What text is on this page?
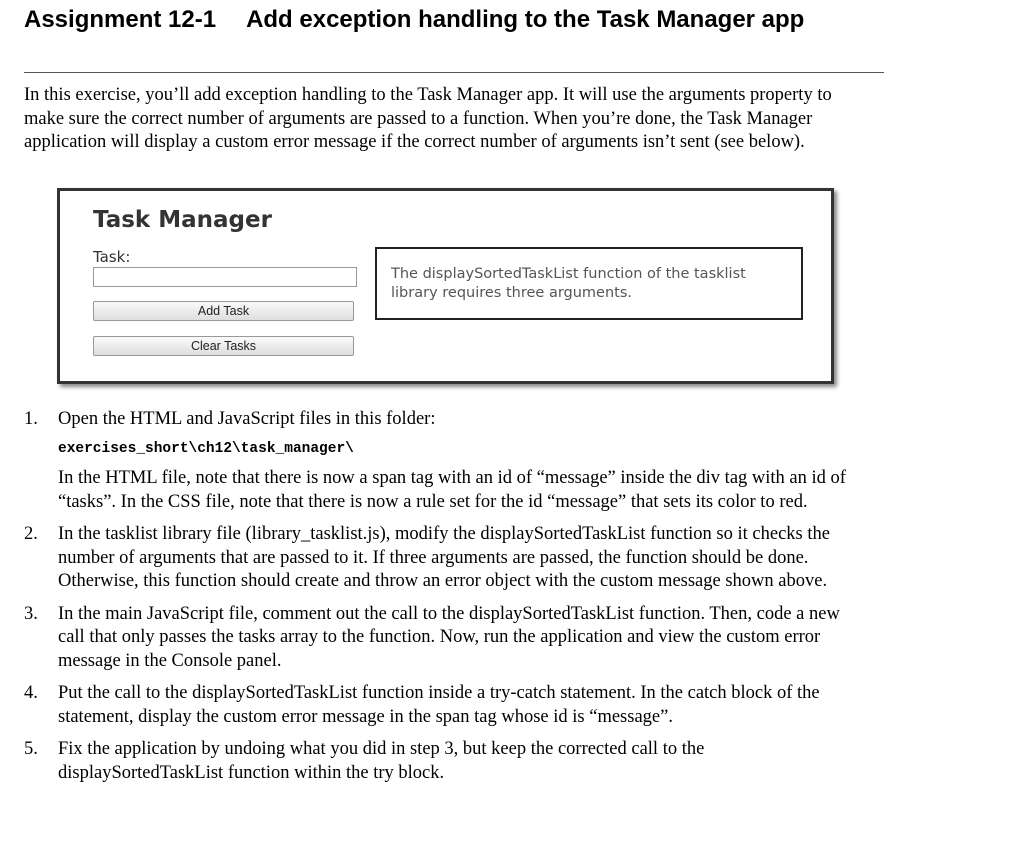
Assignment 12-1 Add exception handling to the Task Manager app

In this exercise, you’ll add exception handling to the Task Manager app. It will use the arguments property to make sure the correct number of arguments are passed to a function. When you’re done, the Task Manager application will display a custom error message if the correct number of arguments isn’t sent (see below).

Task Manager
Task:
Add Task
Clear Tasks
The displaySortedTaskList function of the tasklist library requires three arguments.
1. Open the HTML and JavaScript files in this folder:
exercises_short\ch12\task_manager\
In the HTML file, note that there is now a span tag with an id of “message” inside the div tag with an id of “tasks”. In the CSS file, note that there is now a rule set for the id “message” that sets its color to red.
2. In the tasklist library file (library_tasklist.js), modify the displaySortedTaskList function so it checks the number of arguments that are passed to it. If three arguments are passed, the function should be done. Otherwise, this function should create and throw an error object with the custom message shown above.
3. In the main JavaScript file, comment out the call to the displaySortedTaskList function. Then, code a new call that only passes the tasks array to the function. Now, run the application and view the custom error message in the Console panel.
4. Put the call to the displaySortedTaskList function inside a try-catch statement. In the catch block of the statement, display the custom error message in the span tag whose id is “message”.
5. Fix the application by undoing what you did in step 3, but keep the corrected call to the displaySortedTaskList function within the try block.
